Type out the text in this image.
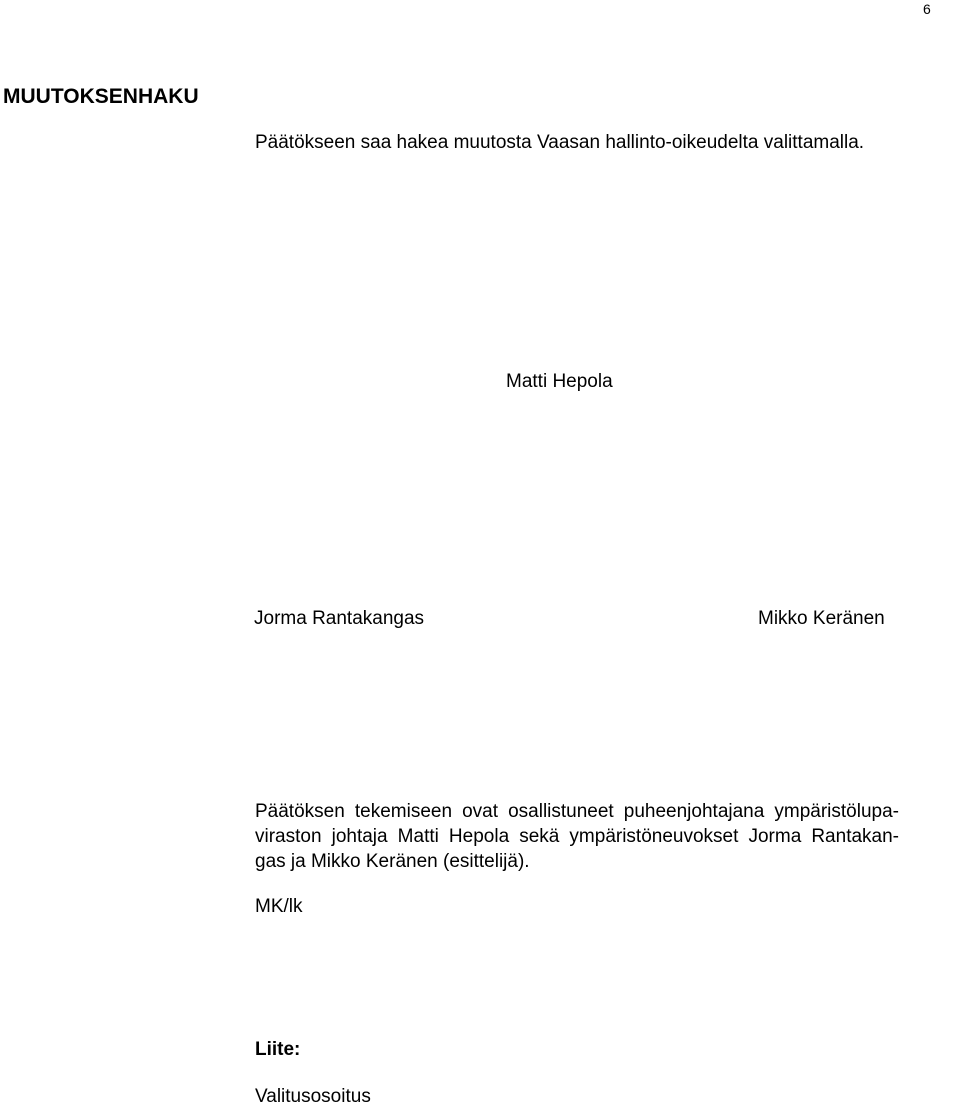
6
MUUTOKSENHAKU
Päätökseen saa hakea muutosta Vaasan hallinto-oikeudelta valittamalla.
Matti Hepola
Jorma Rantakangas	Mikko Keränen
Päätöksen tekemiseen ovat osallistuneet puheenjohtajana ympäristölupa-
viraston johtaja Matti Hepola sekä ympäristöneuvokset Jorma Rantakan-
gas ja Mikko Keränen (esittelijä).
MK/lk
Liite:
Valitusosoitus
